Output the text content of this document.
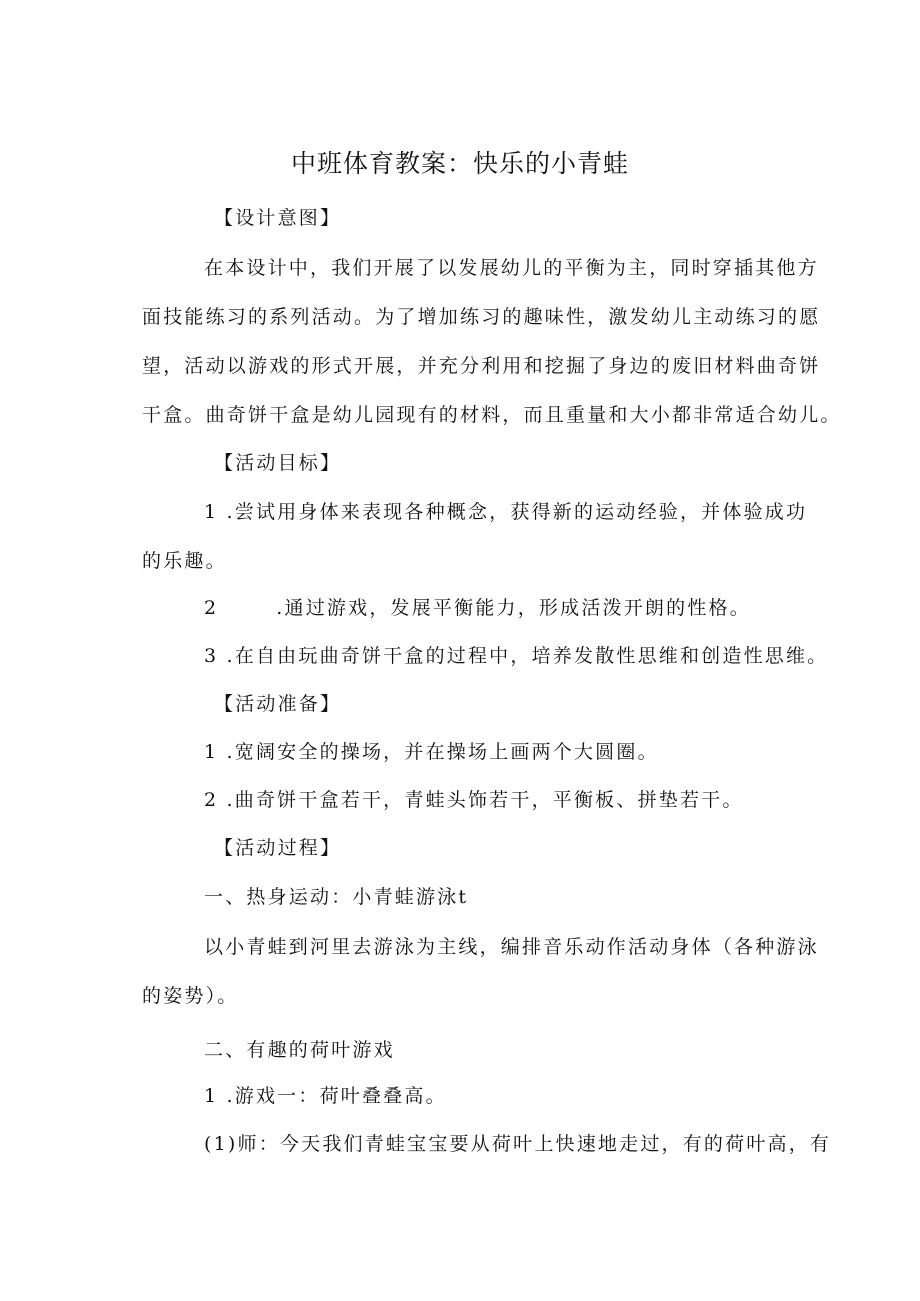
中班体育教案：快乐的小青蛙
【设计意图】
在本设计中，我们开展了以发展幼儿的平衡为主，同时穿插其他方
面技能练习的系列活动。为了增加练习的趣味性，激发幼儿主动练习的愿
望，活动以游戏的形式开展，并充分利用和挖掘了身边的废旧材料曲奇饼
干盒。曲奇饼干盒是幼儿园现有的材料，而且重量和大小都非常适合幼儿。
【活动目标】
1 .尝试用身体来表现各种概念，获得新的运动经验，并体验成功
的乐趣。
2	.通过游戏，发展平衡能力，形成活泼开朗的性格。
3 .在自由玩曲奇饼干盒的过程中，培养发散性思维和创造性思维。
【活动准备】
1 .宽阔安全的操场，并在操场上画两个大圆圈。
2 .曲奇饼干盒若干，青蛙头饰若干，平衡板、拼垫若干。
【活动过程】
一、热身运动：小青蛙游泳t
以小青蛙到河里去游泳为主线，编排音乐动作活动身体（各种游泳
的姿势）。
二、有趣的荷叶游戏
1 .游戏一：荷叶叠叠高。
(1)师：今天我们青蛙宝宝要从荷叶上快速地走过，有的荷叶高，有
